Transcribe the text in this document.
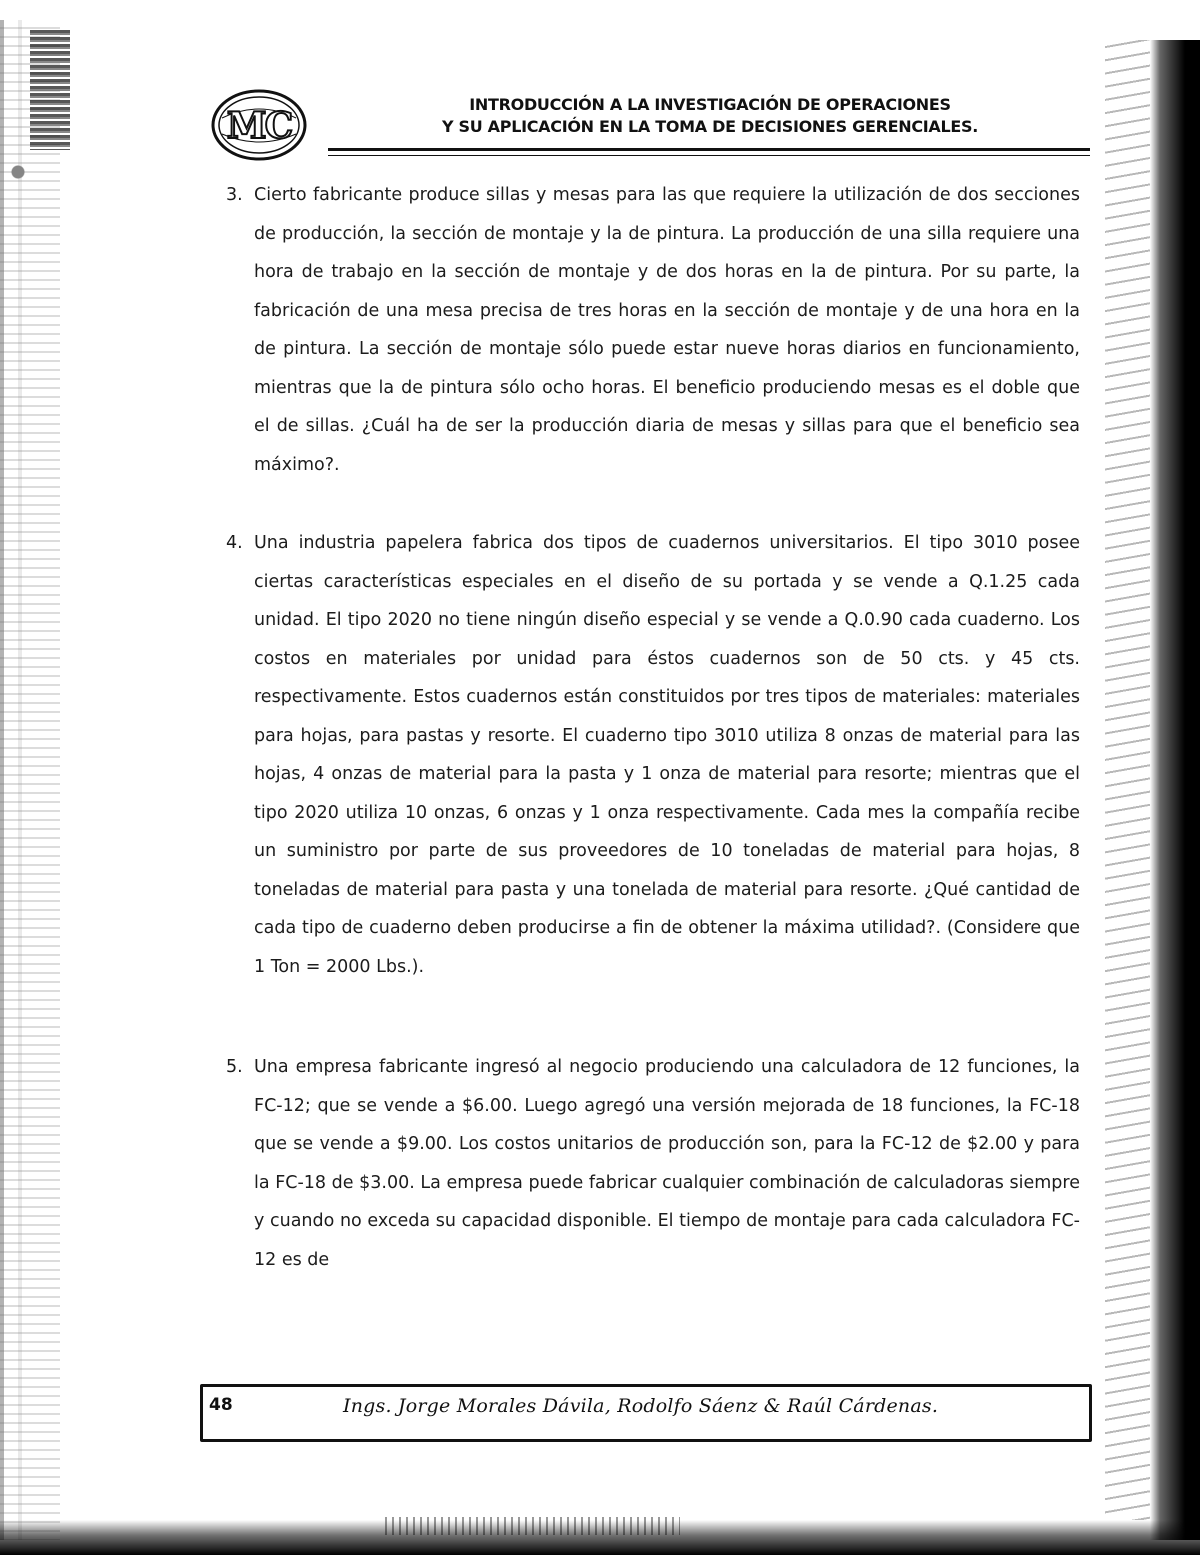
MC
INTRODUCCIÓN A LA INVESTIGACIÓN DE OPERACIONES
Y SU APLICACIÓN EN LA TOMA DE DECISIONES GERENCIALES.
3. Cierto fabricante produce sillas y mesas para las que requiere la utilización de dos secciones de producción, la sección de montaje y la de pintura. La producción de una silla requiere una hora de trabajo en la sección de montaje y de dos horas en la de pintura. Por su parte, la fabricación de una mesa precisa de tres horas en la sección de montaje y de una hora en la de pintura. La sección de montaje sólo puede estar nueve horas diarios en funcionamiento, mientras que la de pintura sólo ocho horas. El beneficio produciendo mesas es el doble que el de sillas. ¿Cuál ha de ser la producción diaria de mesas y sillas para que el beneficio sea máximo?.
4. Una industria papelera fabrica dos tipos de cuadernos universitarios. El tipo 3010 posee ciertas características especiales en el diseño de su portada y se vende a Q.1.25 cada unidad. El tipo 2020 no tiene ningún diseño especial y se vende a Q.0.90 cada cuaderno. Los costos en materiales por unidad para éstos cuadernos son de 50 cts. y 45 cts. respectivamente. Estos cuadernos están constituidos por tres tipos de materiales: materiales para hojas, para pastas y resorte. El cuaderno tipo 3010 utiliza 8 onzas de material para las hojas, 4 onzas de material para la pasta y 1 onza de material para resorte; mientras que el tipo 2020 utiliza 10 onzas, 6 onzas y 1 onza respectivamente. Cada mes la compañía recibe un suministro por parte de sus proveedores de 10 toneladas de material para hojas, 8 toneladas de material para pasta y una tonelada de material para resorte. ¿Qué cantidad de cada tipo de cuaderno deben producirse a fin de obtener la máxima utilidad?. (Considere que 1 Ton = 2000 Lbs.).
5. Una empresa fabricante ingresó al negocio produciendo una calculadora de 12 funciones, la FC-12; que se vende a $6.00. Luego agregó una versión mejorada de 18 funciones, la FC-18 que se vende a $9.00. Los costos unitarios de producción son, para la FC-12 de $2.00 y para la FC-18 de $3.00. La empresa puede fabricar cualquier combinación de calculadoras siempre y cuando no exceda su capacidad disponible. El tiempo de montaje para cada calculadora FC-12 es de
48	Ings. Jorge Morales Dávila, Rodolfo Sáenz & Raúl Cárdenas.
